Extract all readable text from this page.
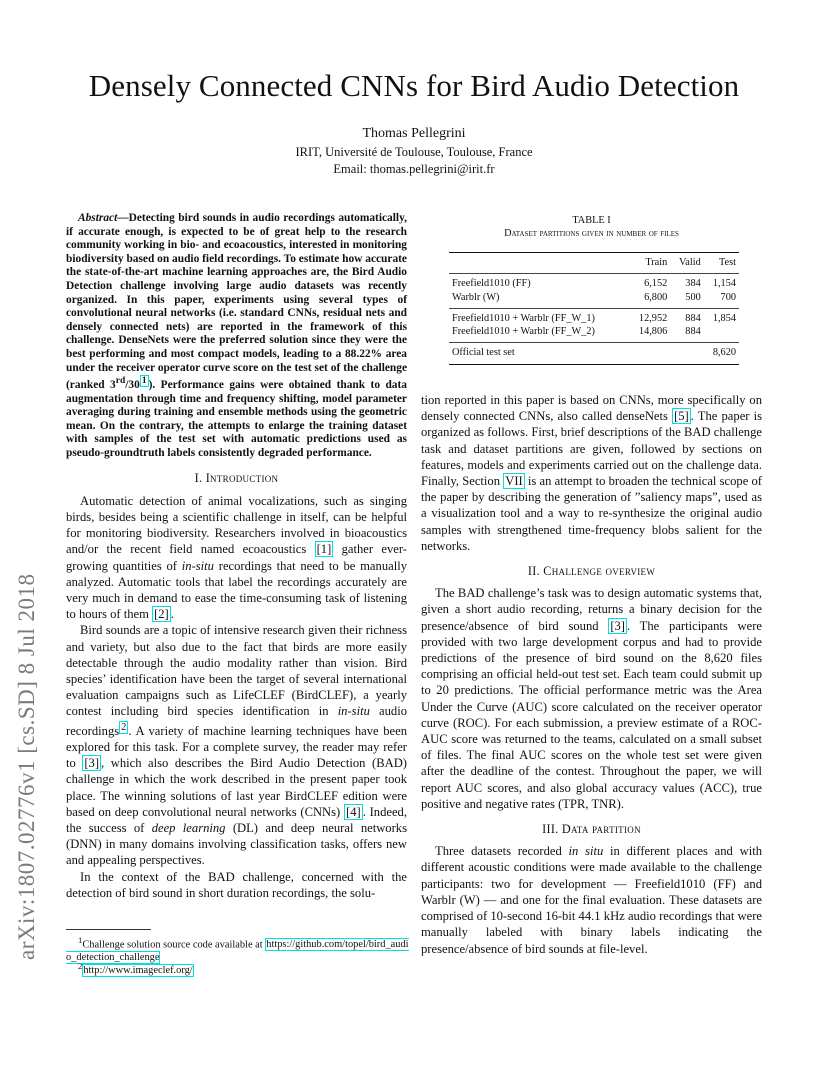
Densely Connected CNNs for Bird Audio Detection
Thomas Pellegrini
IRIT, Université de Toulouse, Toulouse, France
Email: thomas.pellegrini@irit.fr
arXiv:1807.02776v1 [cs.SD] 8 Jul 2018
Abstract—Detecting bird sounds in audio recordings automatically, if accurate enough, is expected to be of great help to the research community working in bio- and ecoacoustics, interested in monitoring biodiversity based on audio field recordings. To estimate how accurate the state-of-the-art machine learning approaches are, the Bird Audio Detection challenge involving large audio datasets was recently organized. In this paper, experiments using several types of convolutional neural networks (i.e. standard CNNs, residual nets and densely connected nets) are reported in the framework of this challenge. DenseNets were the preferred solution since they were the best performing and most compact models, leading to a 88.22% area under the receiver operator curve score on the test set of the challenge (ranked 3rd/30 $^1$ ). Performance gains were obtained thank to data augmentation through time and frequency shifting, model parameter averaging during training and ensemble methods using the geometric mean. On the contrary, the attempts to enlarge the training dataset with samples of the test set with automatic predictions used as pseudo-groundtruth labels consistently degraded performance.
I. Introduction

Automatic detection of animal vocalizations, such as singing birds, besides being a scientific challenge in itself, can be helpful for monitoring biodiversity. Researchers involved in bioacoustics and/or the recent field named ecoacoustics [1] gather ever-growing quantities of in-situ recordings that need to be manually analyzed. Automatic tools that label the recordings accurately are very much in demand to ease the time-consuming task of listening to hours of them [2] .

Bird sounds are a topic of intensive research given their richness and variety, but also due to the fact that birds are more easily detectable through the audio modality rather than vision. Bird species’ identification have been the target of several international evaluation campaigns such as LifeCLEF (BirdCLEF), a yearly contest including bird species identification in in-situ audio recordings $^2$ . A variety of machine learning techniques have been explored for this task. For a complete survey, the reader may refer to [3] , which also describes the Bird Audio Detection (BAD) challenge in which the work described in the present paper took place. The winning solutions of last year BirdCLEF edition were based on deep convolutional neural networks (CNNs) [4] . Indeed, the success of deep learning (DL) and deep neural networks (DNN) in many domains involving classification tasks, offers new and appealing perspectives.

In the context of the BAD challenge, concerned with the detection of bird sound in short duration recordings, the solu-

$^1$Challenge solution source code available at https://github.com/topel/bird_audio_detection_challenge
$^2$http://www.imageclef.org/
TABLE I
Dataset partitions given in number of files
	Train	Valid	Test
Freefield1010 (FF)	6,152	384	1,154
Warblr (W)	6,800	500	700
Freefield1010 + Warblr (FF_W_1)	12,952	884	1,854
Freefield1010 + Warblr (FF_W_2)	14,806	884	
Official test set			8,620

tion reported in this paper is based on CNNs, more specifically on densely connected CNNs, also called denseNets [5] . The paper is organized as follows. First, brief descriptions of the BAD challenge task and dataset partitions are given, followed by sections on features, models and experiments carried out on the challenge data. Finally, Section VII is an attempt to broaden the technical scope of the paper by describing the generation of ”saliency maps”, used as a visualization tool and a way to re-synthesize the original audio samples with strengthened time-frequency blobs salient for the networks.

II. Challenge overview

The BAD challenge’s task was to design automatic systems that, given a short audio recording, returns a binary decision for the presence/absence of bird sound [3] . The participants were provided with two large development corpus and had to provide predictions of the presence of bird sound on the 8,620 files comprising an official held-out test set. Each team could submit up to 20 predictions. The official performance metric was the Area Under the Curve (AUC) score calculated on the receiver operator curve (ROC). For each submission, a preview estimate of a ROC-AUC score was returned to the teams, calculated on a small subset of files. The final AUC scores on the whole test set were given after the deadline of the contest. Throughout the paper, we will report AUC scores, and also global accuracy values (ACC), true positive and negative rates (TPR, TNR).

III. Data partition

Three datasets recorded in situ in different places and with different acoustic conditions were made available to the challenge participants: two for development — Freefield1010 (FF) and Warblr (W) — and one for the final evaluation. These datasets are comprised of 10-second 16-bit 44.1 kHz audio recordings that were manually labeled with binary labels indicating the presence/absence of bird sounds at file-level.
